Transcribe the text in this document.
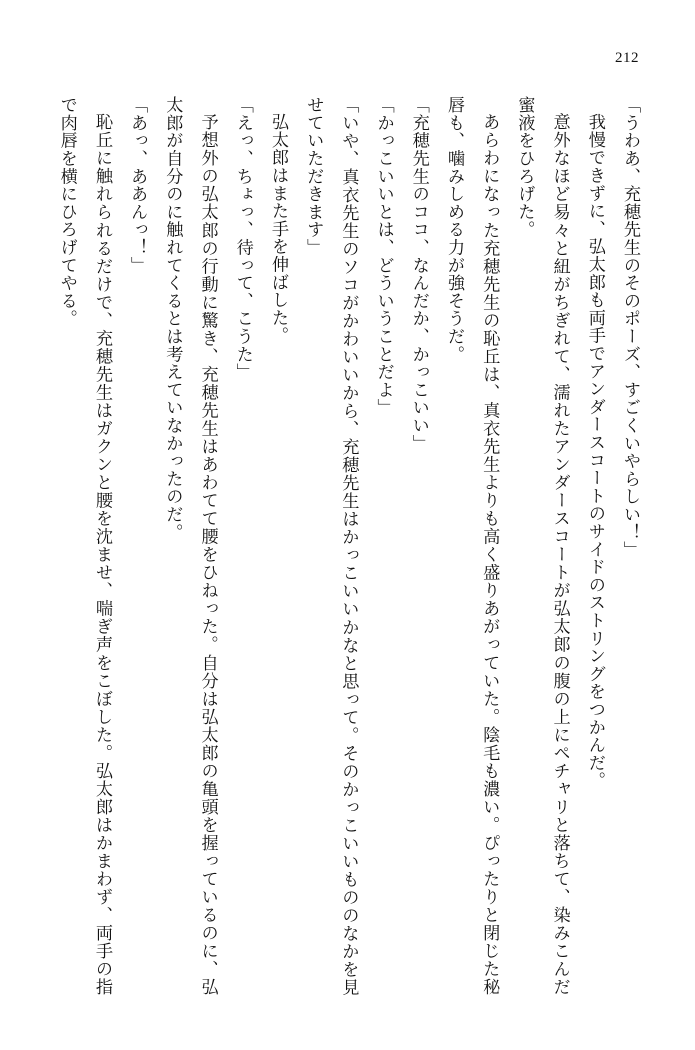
212

「うわあ、充穂先生のそのポーズ、すごくいやらしい！」

我慢できずに、弘太郎も両手でアンダースコートのサイドのストリングをつかんだ。

意外なほど易々と紐がちぎれて、濡れたアンダースコートが弘太郎の腹の上にペチャリと落ちて、染みこんだ蜜液をひろげた。

あらわになった充穂先生の恥丘は、真衣先生よりも高く盛りあがっていた。陰毛も濃い。ぴったりと閉じた秘唇も、噛みしめる力が強そうだ。

「充穂先生のココ、なんだか、かっこいい」

「かっこいいとは、どういうことだよ」

「いや、真衣先生のソコがかわいいから、充穂先生はかっこいいかなと思って。そのかっこいいもののなかを見せていただきます」

弘太郎はまた手を伸ばした。

「えっ、ちょっ、待って、こうた」

予想外の弘太郎の行動に驚き、充穂先生はあわてて腰をひねった。自分は弘太郎の亀頭を握っているのに、弘太郎が自分のに触れてくるとは考えていなかったのだ。

「あっ、ああんっ！」

恥丘に触れられるだけで、充穂先生はガクンと腰を沈ませ、喘ぎ声をこぼした。弘太郎はかまわず、両手の指で肉唇を横にひろげてやる。
